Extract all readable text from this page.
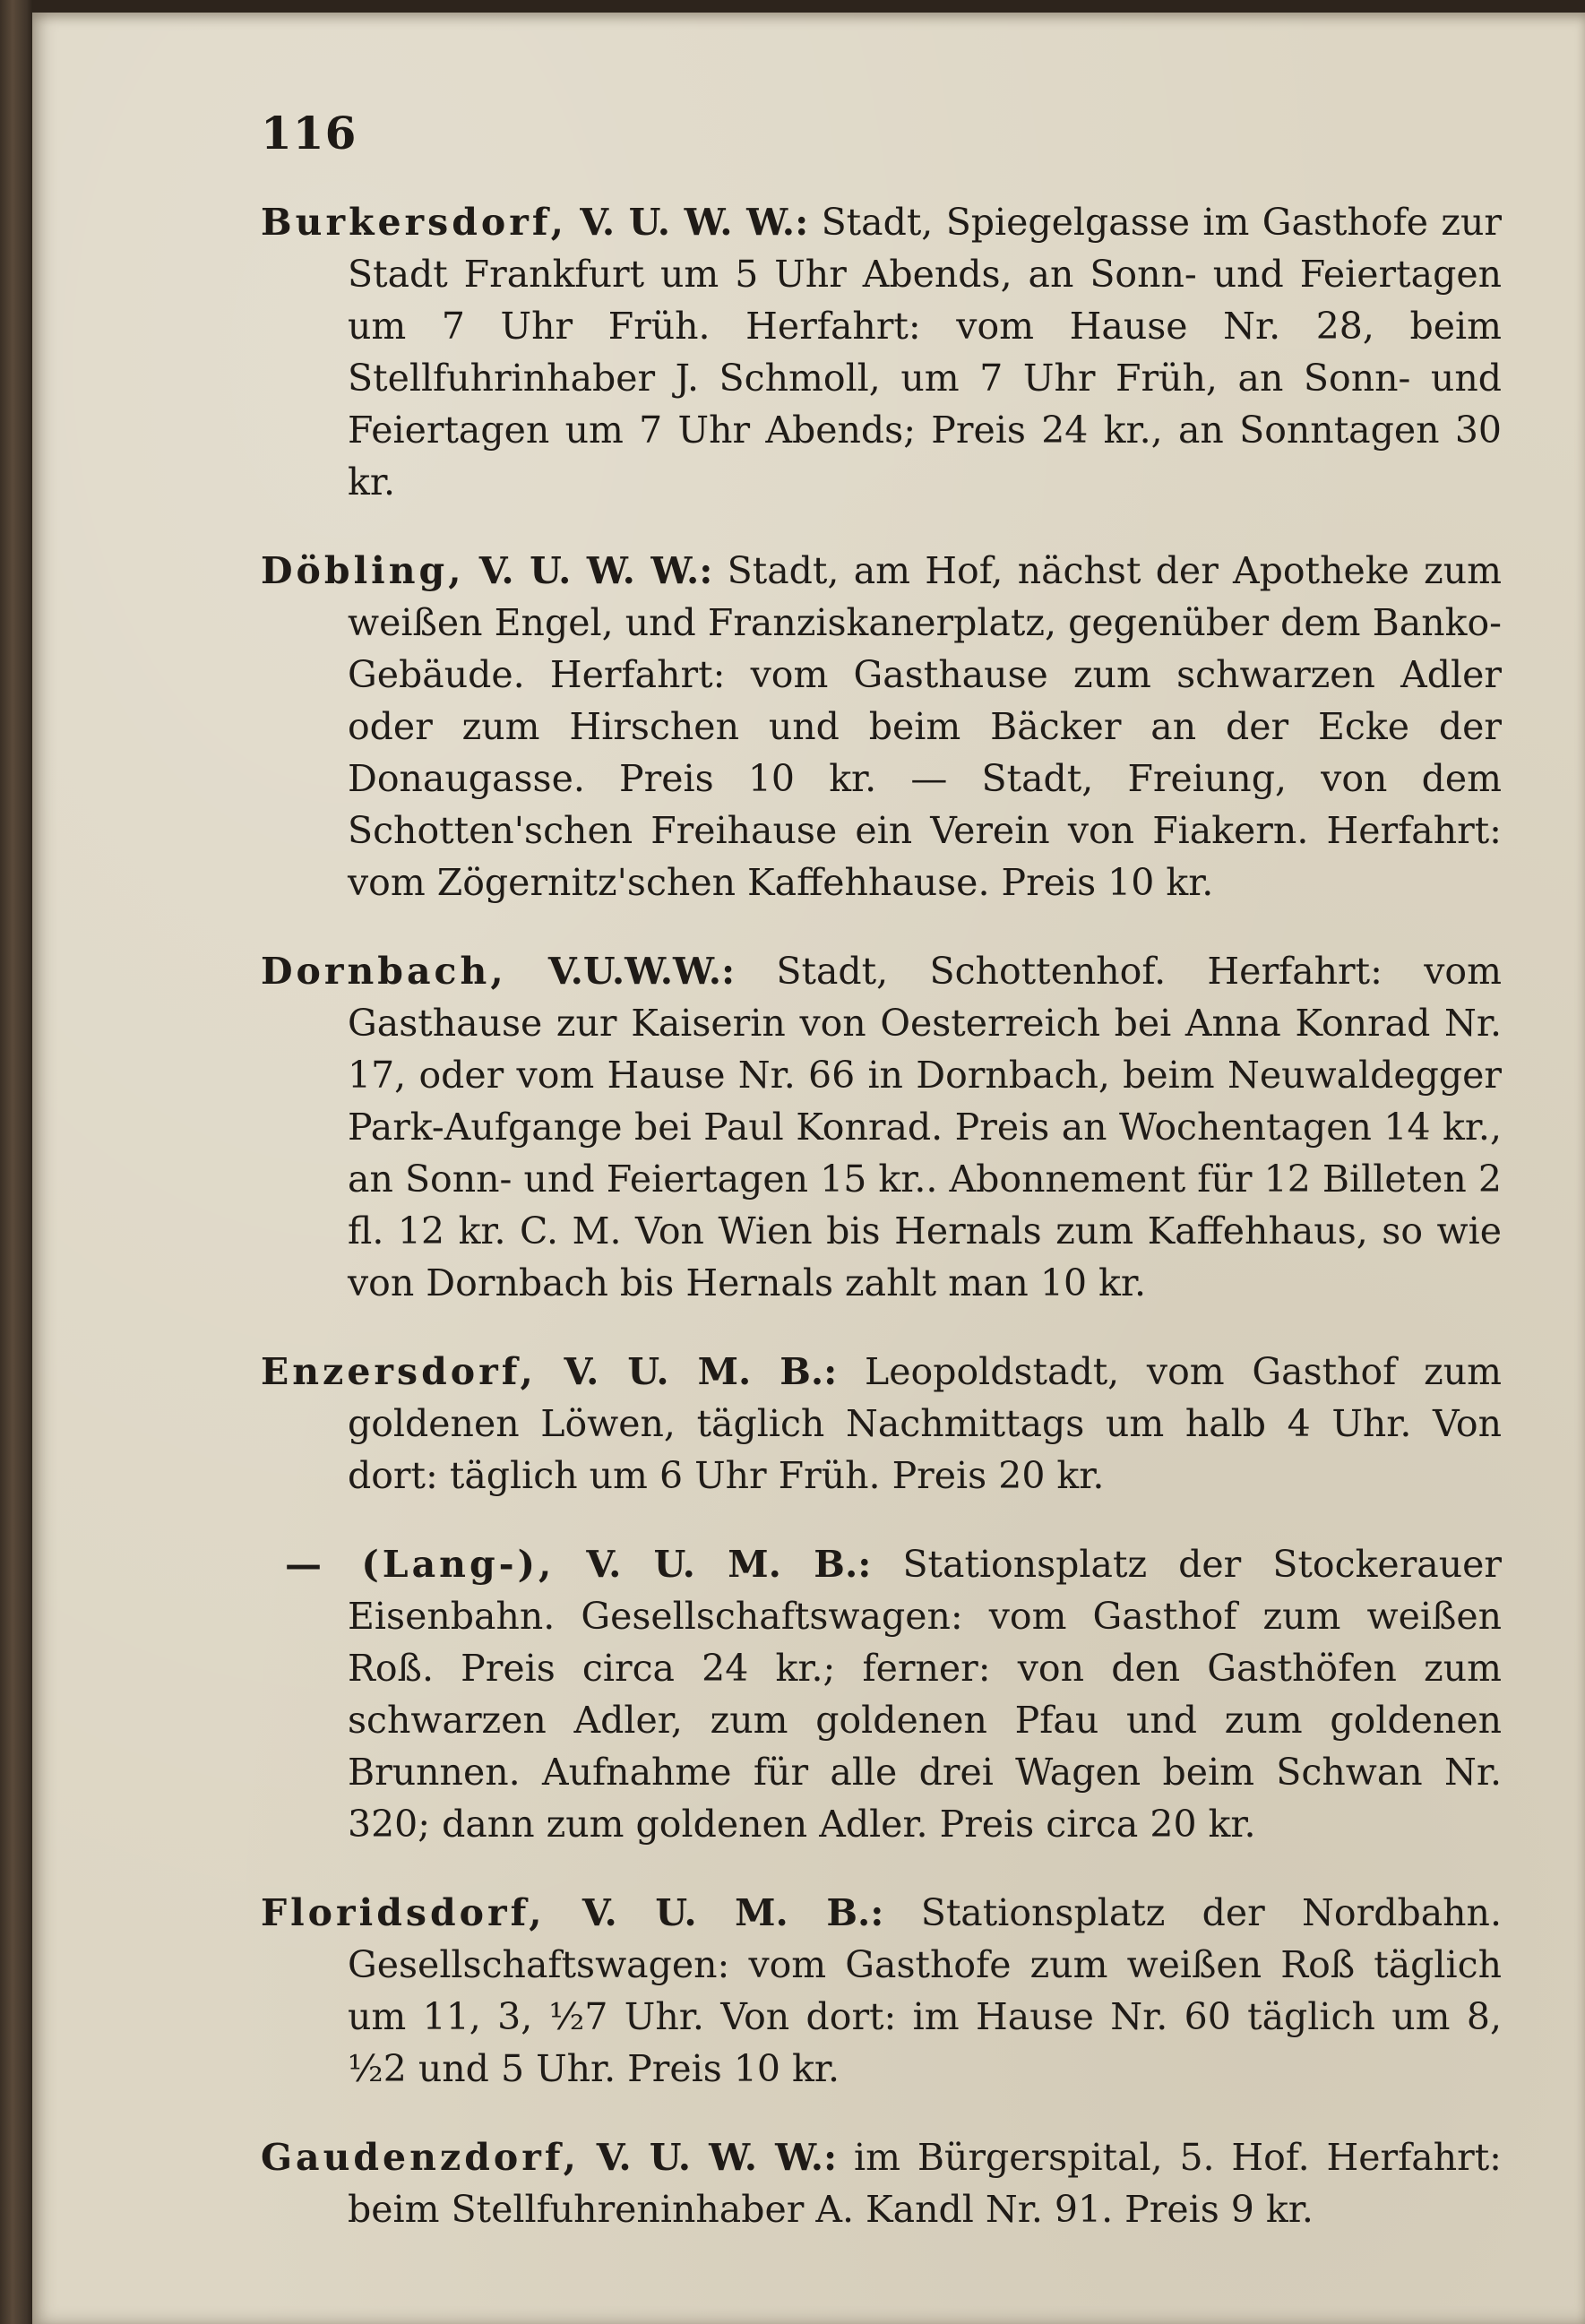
116

Burkersdorf, V. U. W. W.: Stadt, Spiegelgasse im Gasthofe zur Stadt Frankfurt um 5 Uhr Abends, an Sonn- und Feiertagen um 7 Uhr Früh. Herfahrt: vom Hause Nr. 28, beim Stellfuhrinhaber J. Schmoll, um 7 Uhr Früh, an Sonn- und Feiertagen um 7 Uhr Abends; Preis 24 kr., an Sonntagen 30 kr.

Döbling, V. U. W. W.: Stadt, am Hof, nächst der Apotheke zum weißen Engel, und Franziskanerplatz, gegenüber dem Banko-Gebäude. Herfahrt: vom Gasthause zum schwarzen Adler oder zum Hirschen und beim Bäcker an der Ecke der Donaugasse. Preis 10 kr. — Stadt, Freiung, von dem Schotten'schen Freihause ein Verein von Fiakern. Herfahrt: vom Zögernitz'schen Kaffehhause. Preis 10 kr.

Dornbach, V.U.W.W.: Stadt, Schottenhof. Herfahrt: vom Gasthause zur Kaiserin von Oesterreich bei Anna Konrad Nr. 17, oder vom Hause Nr. 66 in Dornbach, beim Neuwaldegger Park-Aufgange bei Paul Konrad. Preis an Wochentagen 14 kr., an Sonn- und Feiertagen 15 kr.. Abonnement für 12 Billeten 2 fl. 12 kr. C. M. Von Wien bis Hernals zum Kaffehhaus, so wie von Dornbach bis Hernals zahlt man 10 kr.

Enzersdorf, V. U. M. B.: Leopoldstadt, vom Gasthof zum goldenen Löwen, täglich Nachmittags um halb 4 Uhr. Von dort: täglich um 6 Uhr Früh. Preis 20 kr.

— (Lang-), V. U. M. B.: Stationsplatz der Stockerauer Eisenbahn. Gesellschaftswagen: vom Gasthof zum weißen Roß. Preis circa 24 kr.; ferner: von den Gasthöfen zum schwarzen Adler, zum goldenen Pfau und zum goldenen Brunnen. Aufnahme für alle drei Wagen beim Schwan Nr. 320; dann zum goldenen Adler. Preis circa 20 kr.

Floridsdorf, V. U. M. B.: Stationsplatz der Nordbahn. Gesellschaftswagen: vom Gasthofe zum weißen Roß täglich um 11, 3, ½7 Uhr. Von dort: im Hause Nr. 60 täglich um 8, ½2 und 5 Uhr. Preis 10 kr.

Gaudenzdorf, V. U. W. W.: im Bürgerspital, 5. Hof. Herfahrt: beim Stellfuhreninhaber A. Kandl Nr. 91. Preis 9 kr.
